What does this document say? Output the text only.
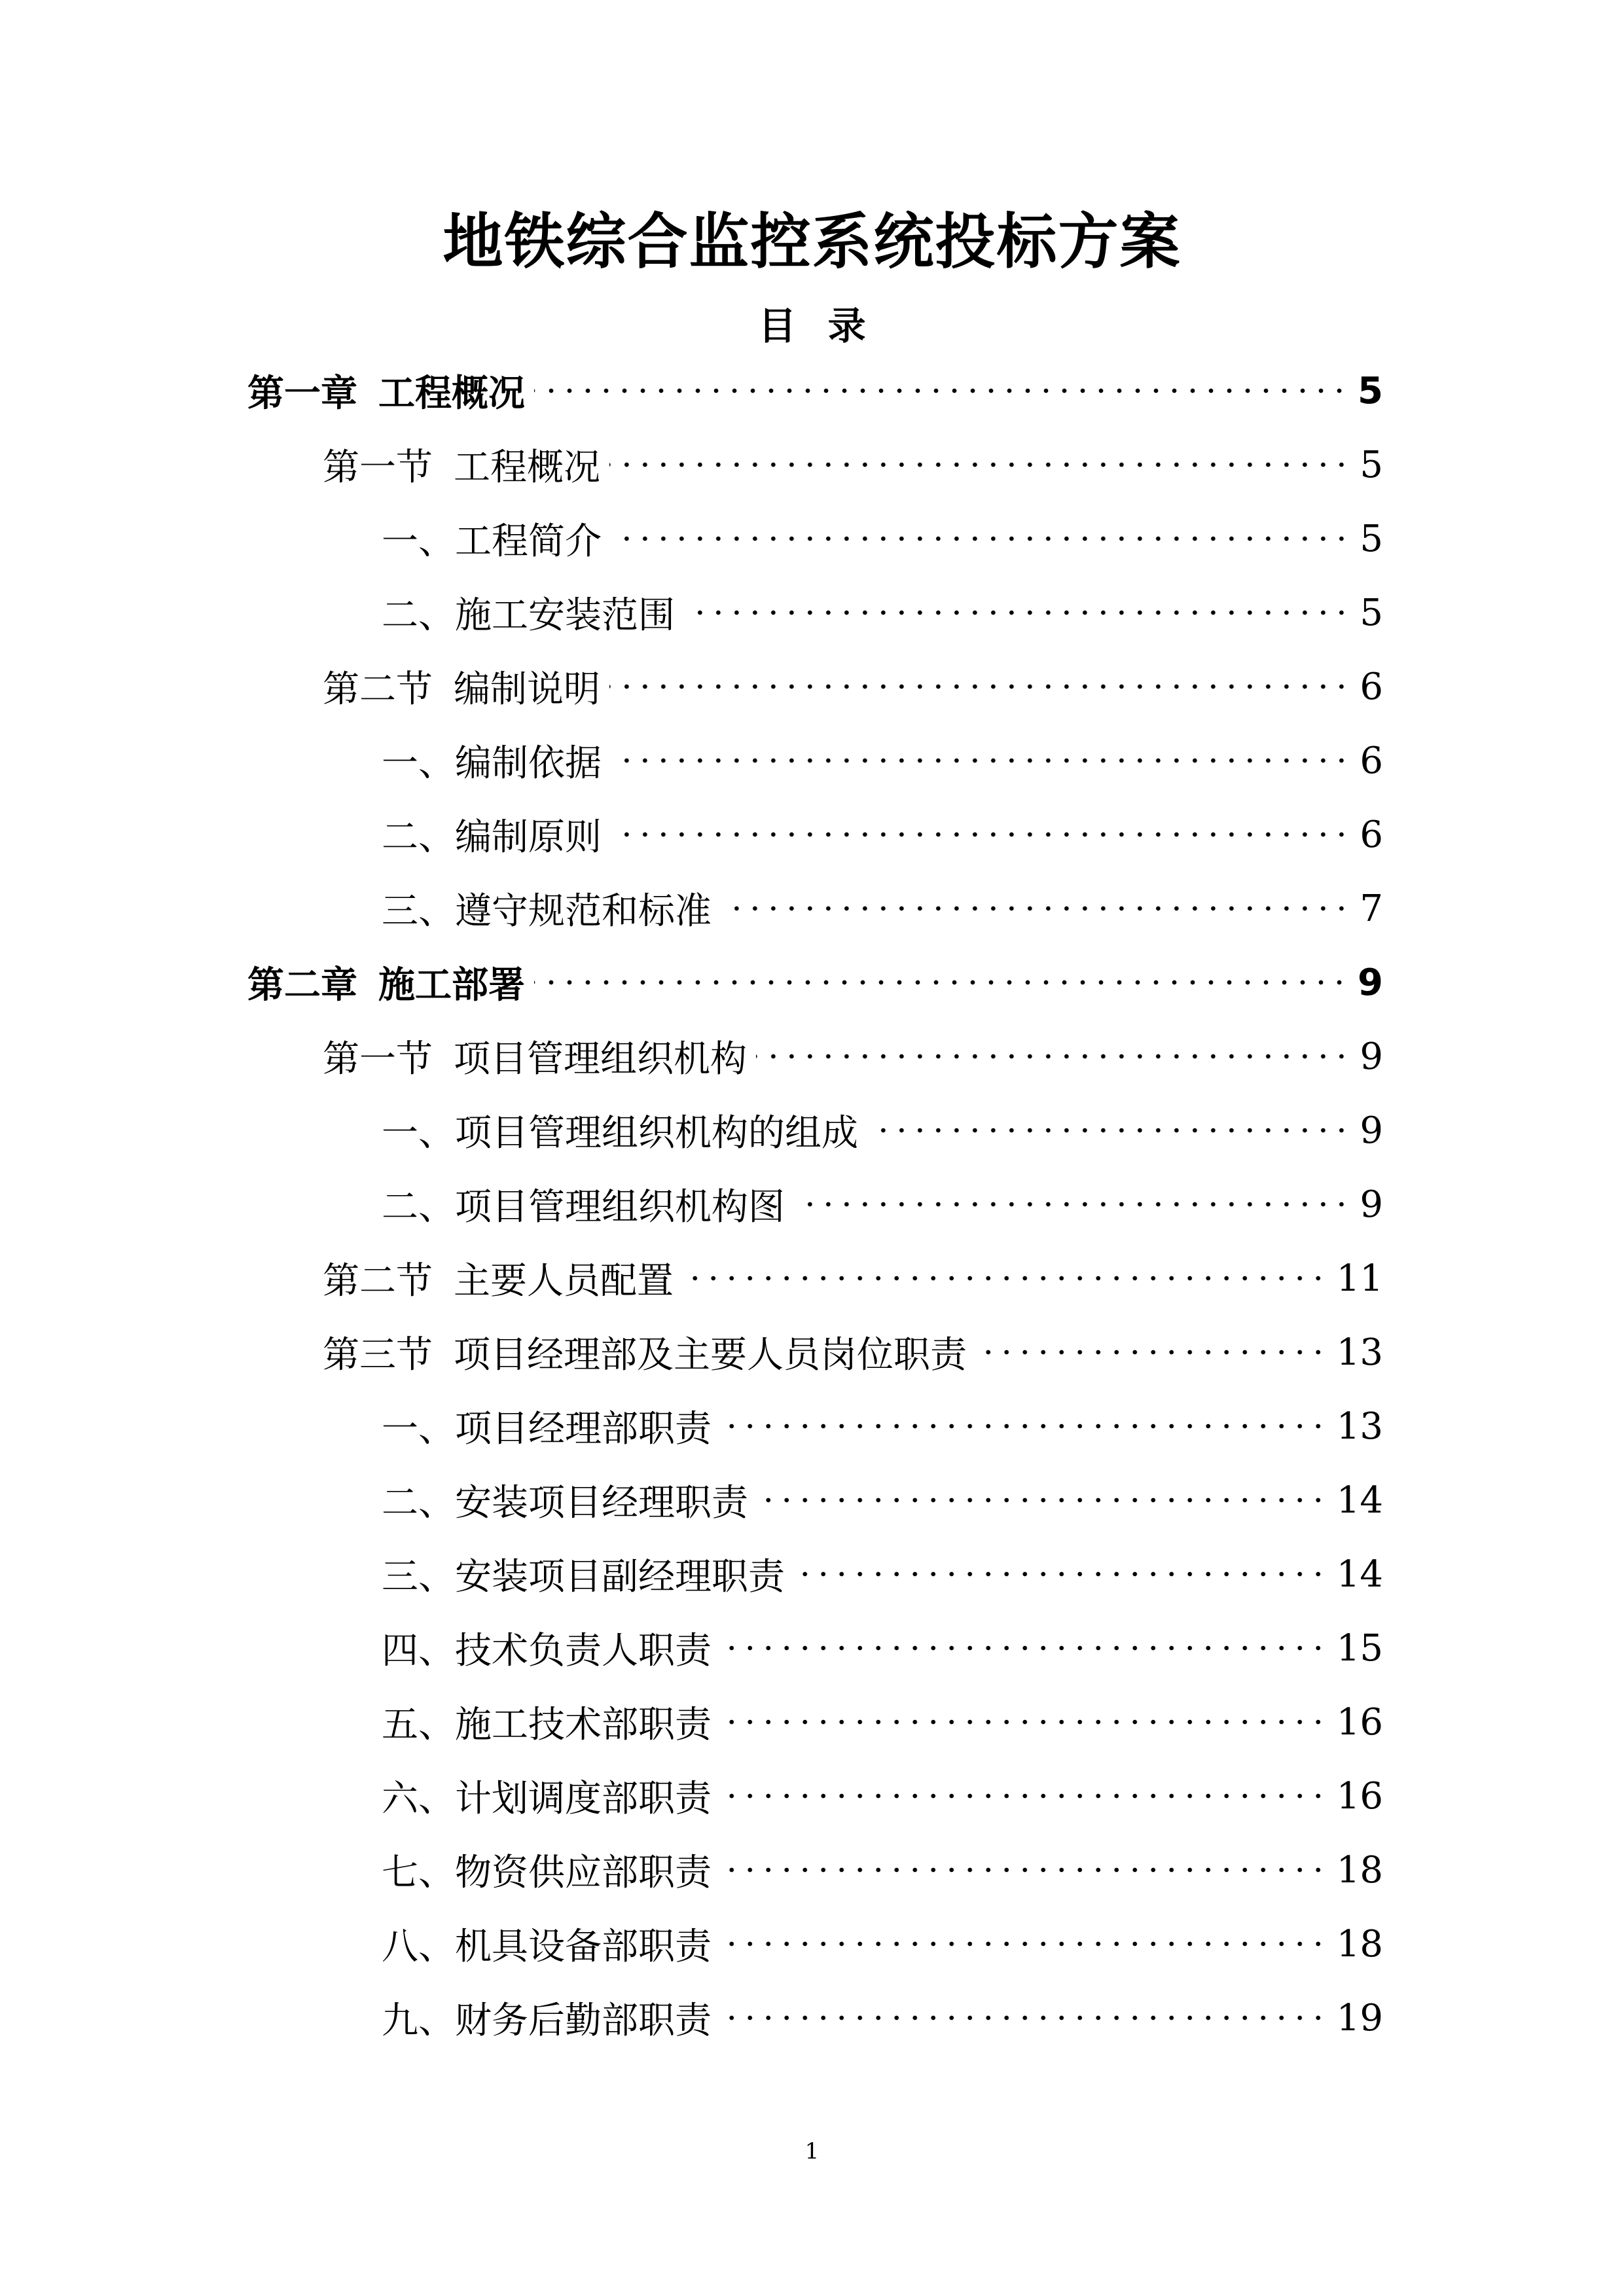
地铁综合监控系统投标方案
目 录
第一章 工程概况	5
第一节 工程概况	5
一、工程简介	5
二、施工安装范围	5
第二节 编制说明	6
一、编制依据	6
二、编制原则	6
三、遵守规范和标准	7
第二章 施工部署	9
第一节 项目管理组织机构	9
一、项目管理组织机构的组成	9
二、项目管理组织机构图	9
第二节 主要人员配置	11
第三节 项目经理部及主要人员岗位职责	13
一、项目经理部职责	13
二、安装项目经理职责	14
三、安装项目副经理职责	14
四、技术负责人职责	15
五、施工技术部职责	16
六、计划调度部职责	16
七、物资供应部职责	18
八、机具设备部职责	18
九、财务后勤部职责	19
1
